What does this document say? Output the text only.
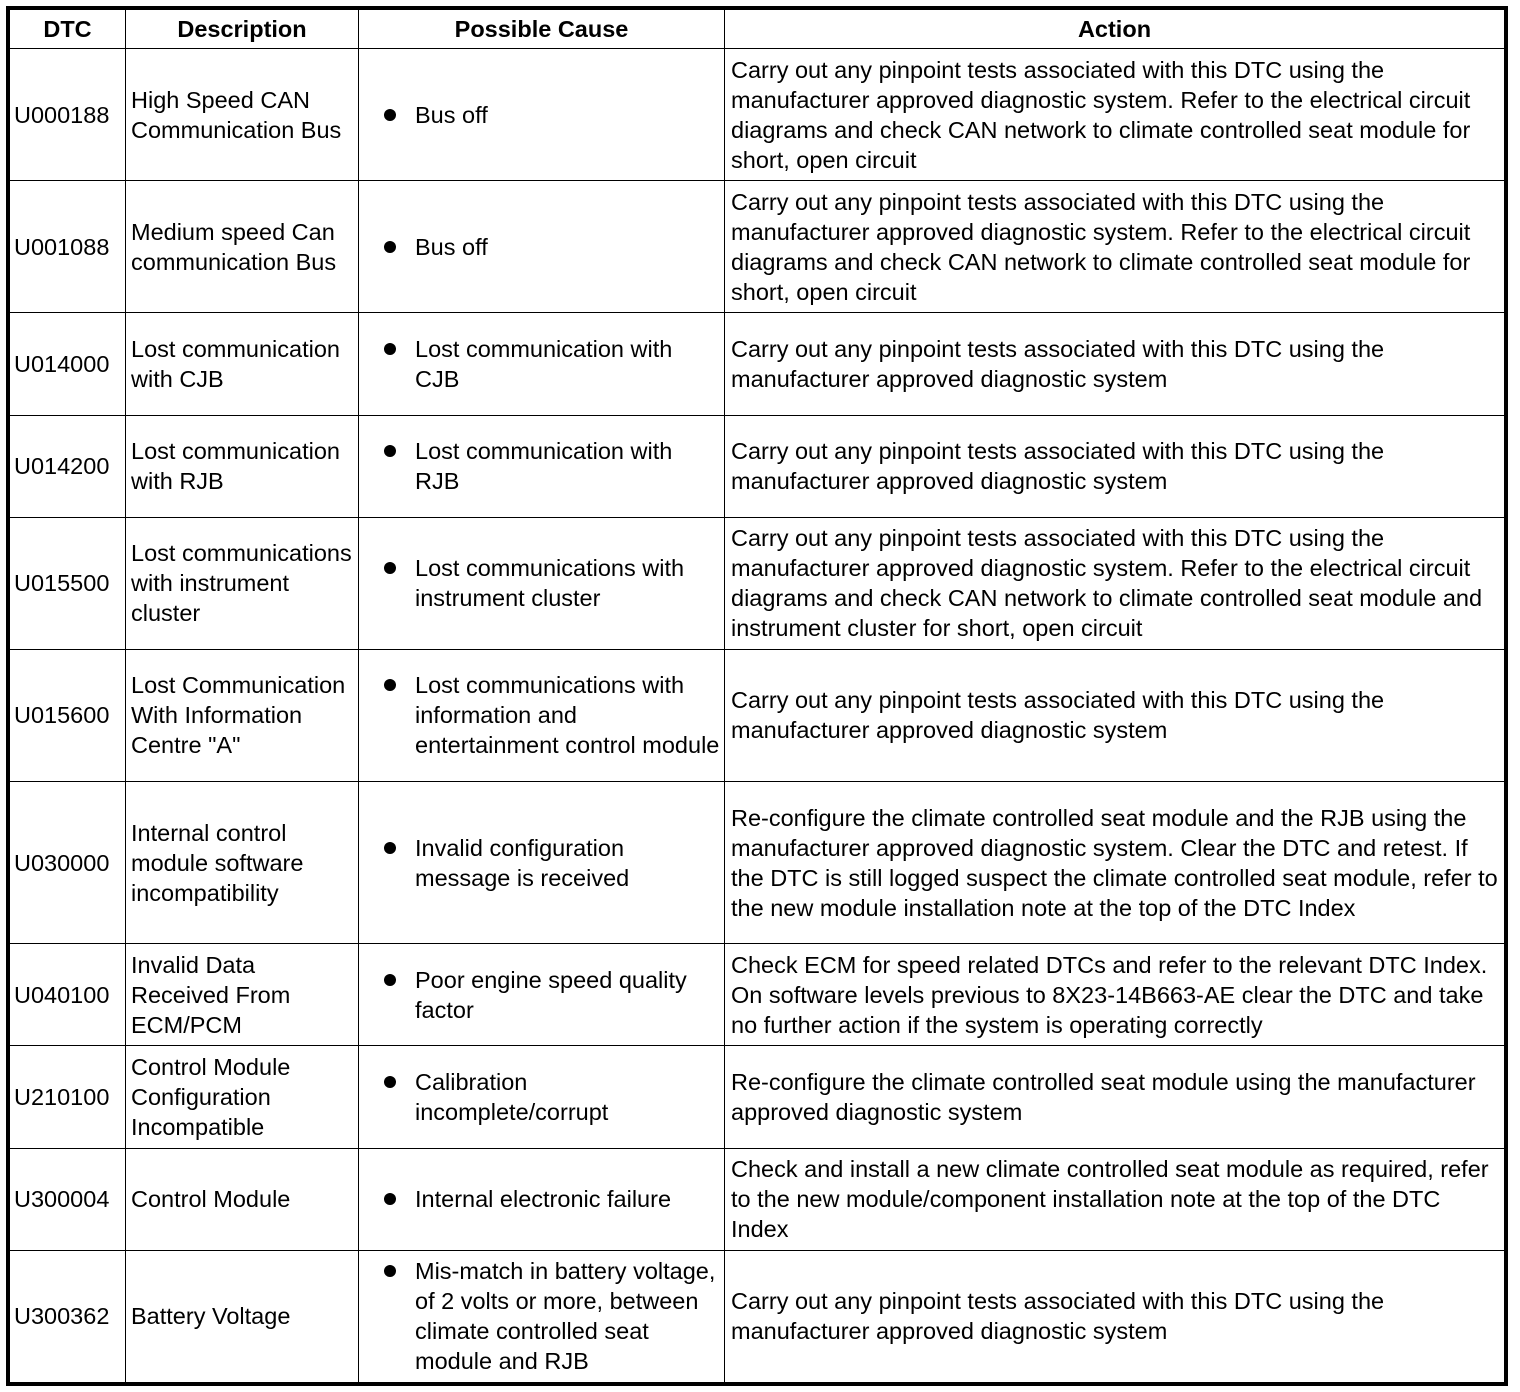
DTC	Description	Possible Cause	Action
U000188	High Speed CAN Communication Bus	Bus off	Carry out any pinpoint tests associated with this DTC using the manufacturer approved diagnostic system. Refer to the electrical circuit diagrams and check CAN network to climate controlled seat module for short, open circuit
U001088	Medium speed Can communication Bus	Bus off	Carry out any pinpoint tests associated with this DTC using the manufacturer approved diagnostic system. Refer to the electrical circuit diagrams and check CAN network to climate controlled seat module for short, open circuit
U014000	Lost communication with CJB	Lost communication with CJB	Carry out any pinpoint tests associated with this DTC using the manufacturer approved diagnostic system
U014200	Lost communication with RJB	Lost communication with RJB	Carry out any pinpoint tests associated with this DTC using the manufacturer approved diagnostic system
U015500	Lost communications with instrument cluster	Lost communications with instrument cluster	Carry out any pinpoint tests associated with this DTC using the manufacturer approved diagnostic system. Refer to the electrical circuit diagrams and check CAN network to climate controlled seat module and instrument cluster for short, open circuit
U015600	Lost Communication With Information Centre "A"	Lost communications with information and entertainment control module	Carry out any pinpoint tests associated with this DTC using the manufacturer approved diagnostic system
U030000	Internal control module software incompatibility	Invalid configuration message is received	Re-configure the climate controlled seat module and the RJB using the manufacturer approved diagnostic system. Clear the DTC and retest. If the DTC is still logged suspect the climate controlled seat module, refer to the new module installation note at the top of the DTC Index
U040100	Invalid Data Received From ECM/PCM	Poor engine speed quality factor	Check ECM for speed related DTCs and refer to the relevant DTC Index. On software levels previous to 8X23-14B663-AE clear the DTC and take no further action if the system is operating correctly
U210100	Control Module Configuration Incompatible	Calibration incomplete/corrupt	Re-configure the climate controlled seat module using the manufacturer approved diagnostic system
U300004	Control Module	Internal electronic failure	Check and install a new climate controlled seat module as required, refer to the new module/component installation note at the top of the DTC Index
U300362	Battery Voltage	Mis-match in battery voltage, of 2 volts or more, between climate controlled seat module and RJB	Carry out any pinpoint tests associated with this DTC using the manufacturer approved diagnostic system
